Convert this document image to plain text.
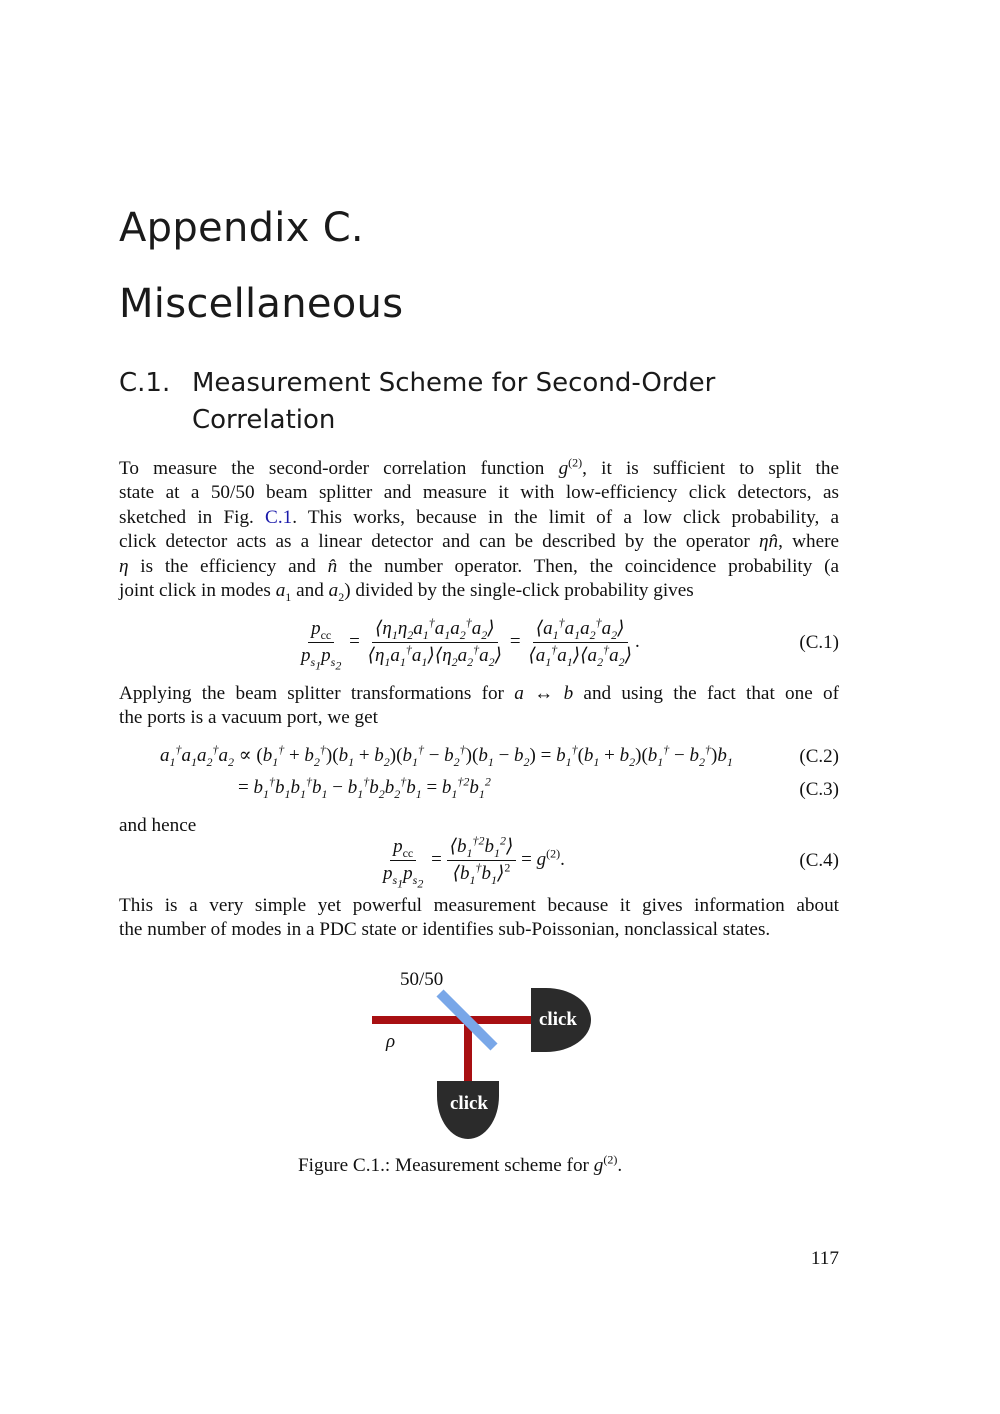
Appendix C.
Miscellaneous
C.1. Measurement Scheme for Second-Order
Correlation
To measure the second-order correlation function $g^{(2)}$, it is sufficient to split the
state at a 50/50 beam splitter and measure it with low-efficiency click detectors, as
sketched in Fig. C.1. This works, because in the limit of a low click probability, a
click detector acts as a linear detector and can be described by the operator ηn̂, where
η is the efficiency and n̂ the number operator. Then, the coincidence probability (a
joint click in modes $a_1$ and $a_2$) divided by the single-click probability gives
$\frac{p_{cc}}{p_{s_1}p_{s_2}} = \frac{⟨\eta_1\eta_2a_1^\dagger a_1a_2^\dagger a_2⟩}{⟨\eta_1a_1^\dagger a_1⟩⟨\eta_2a_2^\dagger a_2⟩} = \frac{⟨a_1^\dagger a_1a_2^\dagger a_2⟩}{⟨a_1^\dagger a_1⟩⟨a_2^\dagger a_2⟩}$ .	(C.1)
Applying the beam splitter transformations for a ↔ b and using the fact that one of
the ports is a vacuum port, we get
$a_1^\dagger a_1a_2^\dagger a_2 \propto (b_1^\dagger + b_2^\dagger)(b_1 + b_2)(b_1^\dagger - b_2^\dagger)(b_1 - b_2) = b_1^\dagger(b_1 + b_2)(b_1^\dagger - b_2^\dagger)b_1$	(C.2)
= $b_1^\dagger b_1b_1^\dagger b_1 - b_1^\dagger b_2b_2^\dagger b_1 = b_1^{\dagger 2}b_1^2$	(C.3)
and hence
$\frac{p_{cc}}{p_{s_1}p_{s_2}} = \frac{⟨b_1^{\dagger 2}b_1^2⟩}{⟨b_1^\dagger b_1⟩^2} = g^{(2)}$.	(C.4)
This is a very simple yet powerful measurement because it gives information about
the number of modes in a PDC state or identifies sub-Poissonian, nonclassical states.
50/50
click
click
ρ
Figure C.1.: Measurement scheme for $g^{(2)}$.
117
